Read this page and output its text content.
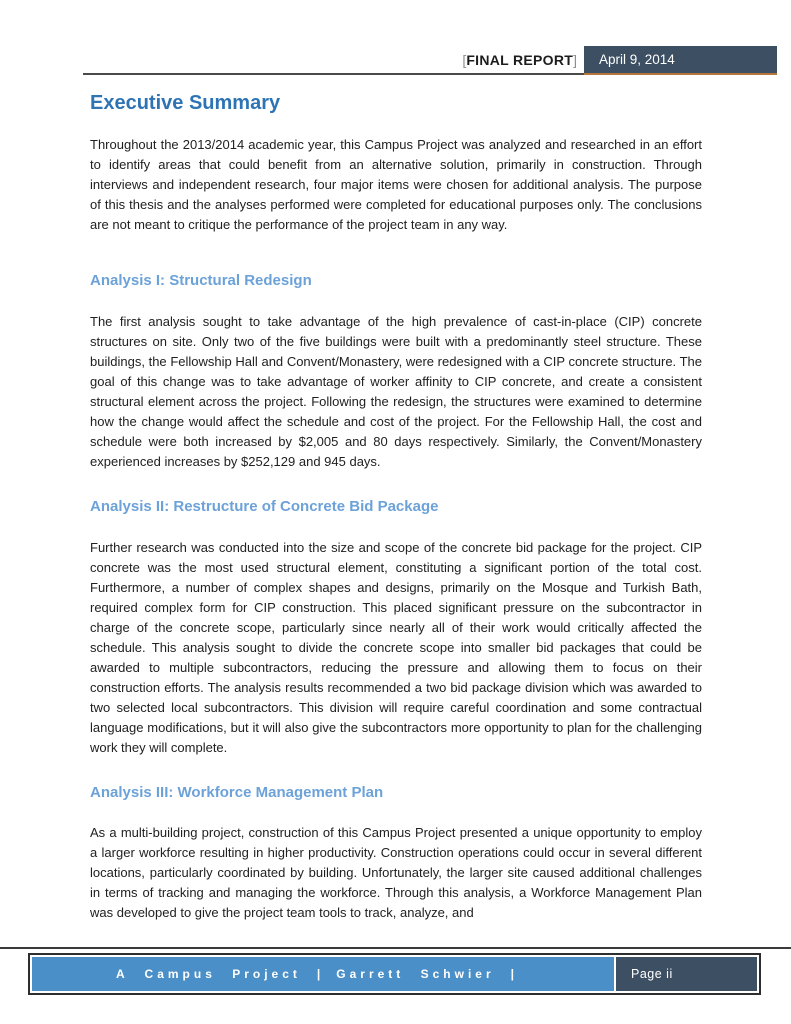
[ FINAL REPORT ] April 9, 2014
Executive Summary
Throughout the 2013/2014 academic year, this Campus Project was analyzed and researched in an effort to identify areas that could benefit from an alternative solution, primarily in construction. Through interviews and independent research, four major items were chosen for additional analysis. The purpose of this thesis and the analyses performed were completed for educational purposes only. The conclusions are not meant to critique the performance of the project team in any way.
Analysis I: Structural Redesign
The first analysis sought to take advantage of the high prevalence of cast-in-place (CIP) concrete structures on site. Only two of the five buildings were built with a predominantly steel structure. These buildings, the Fellowship Hall and Convent/Monastery, were redesigned with a CIP concrete structure. The goal of this change was to take advantage of worker affinity to CIP concrete, and create a consistent structural element across the project. Following the redesign, the structures were examined to determine how the change would affect the schedule and cost of the project. For the Fellowship Hall, the cost and schedule were both increased by $2,005 and 80 days respectively. Similarly, the Convent/Monastery experienced increases by $252,129 and 945 days.
Analysis II: Restructure of Concrete Bid Package
Further research was conducted into the size and scope of the concrete bid package for the project. CIP concrete was the most used structural element, constituting a significant portion of the total cost. Furthermore, a number of complex shapes and designs, primarily on the Mosque and Turkish Bath, required complex form for CIP construction. This placed significant pressure on the subcontractor in charge of the concrete scope, particularly since nearly all of their work would critically affected the schedule. This analysis sought to divide the concrete scope into smaller bid packages that could be awarded to multiple subcontractors, reducing the pressure and allowing them to focus on their construction efforts. The analysis results recommended a two bid package division which was awarded to two selected local subcontractors. This division will require careful coordination and some contractual language modifications, but it will also give the subcontractors more opportunity to plan for the challenging work they will complete.
Analysis III: Workforce Management Plan
As a multi-building project, construction of this Campus Project presented a unique opportunity to employ a larger workforce resulting in higher productivity. Construction operations could occur in several different locations, particularly coordinated by building. Unfortunately, the larger site caused additional challenges in terms of tracking and managing the workforce. Through this analysis, a Workforce Management Plan was developed to give the project team tools to track, analyze, and
A Campus Project | Garrett Schwier |	Page ii
